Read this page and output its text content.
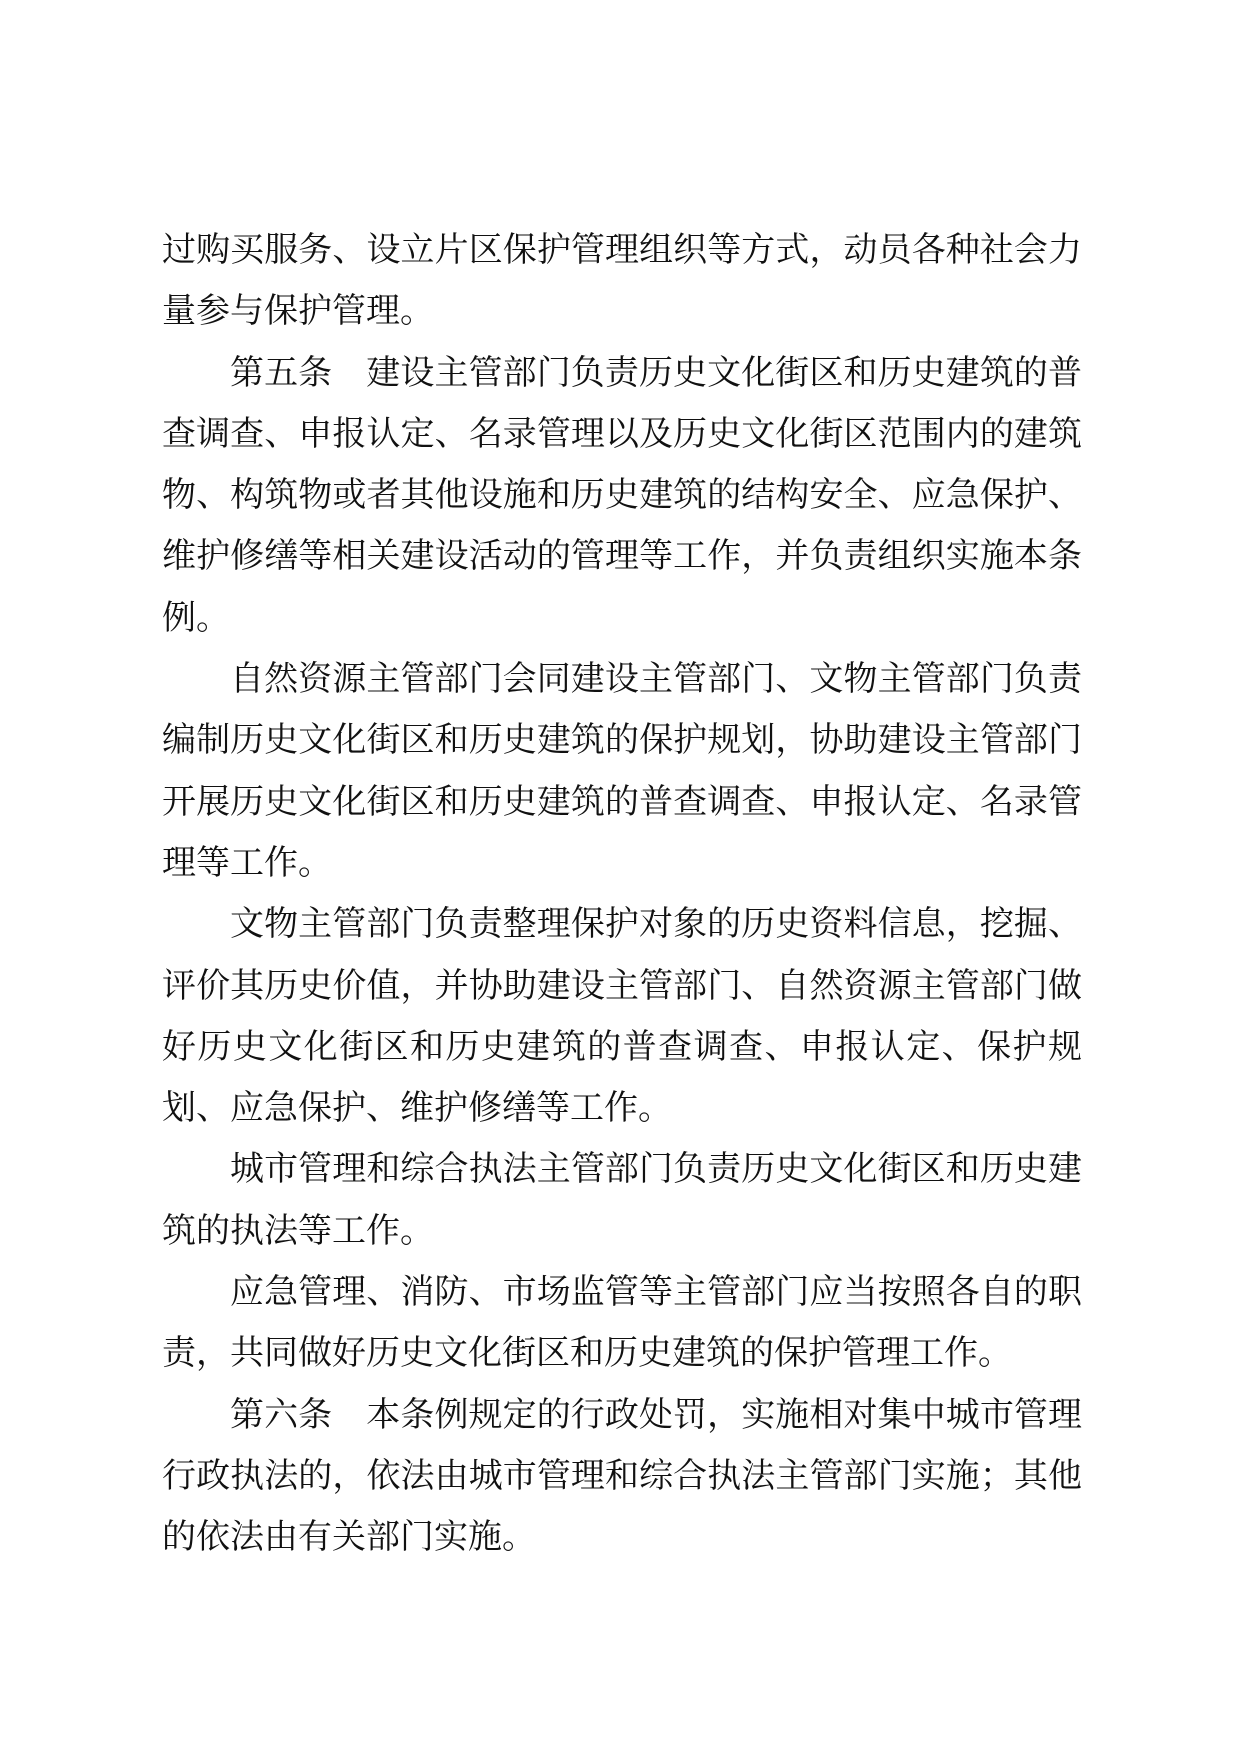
过购买服务、设立片区保护管理组织等方式，动员各种社会力量参与保护管理。

第五条 建设主管部门负责历史文化街区和历史建筑的普查调查、申报认定、名录管理以及历史文化街区范围内的建筑物、构筑物或者其他设施和历史建筑的结构安全、应急保护、维护修缮等相关建设活动的管理等工作，并负责组织实施本条例。

自然资源主管部门会同建设主管部门、文物主管部门负责编制历史文化街区和历史建筑的保护规划，协助建设主管部门开展历史文化街区和历史建筑的普查调查、申报认定、名录管理等工作。

文物主管部门负责整理保护对象的历史资料信息，挖掘、评价其历史价值，并协助建设主管部门、自然资源主管部门做好历史文化街区和历史建筑的普查调查、申报认定、保护规划、应急保护、维护修缮等工作。

城市管理和综合执法主管部门负责历史文化街区和历史建筑的执法等工作。

应急管理、消防、市场监管等主管部门应当按照各自的职责，共同做好历史文化街区和历史建筑的保护管理工作。

第六条 本条例规定的行政处罚，实施相对集中城市管理行政执法的，依法由城市管理和综合执法主管部门实施；其他的依法由有关部门实施。
